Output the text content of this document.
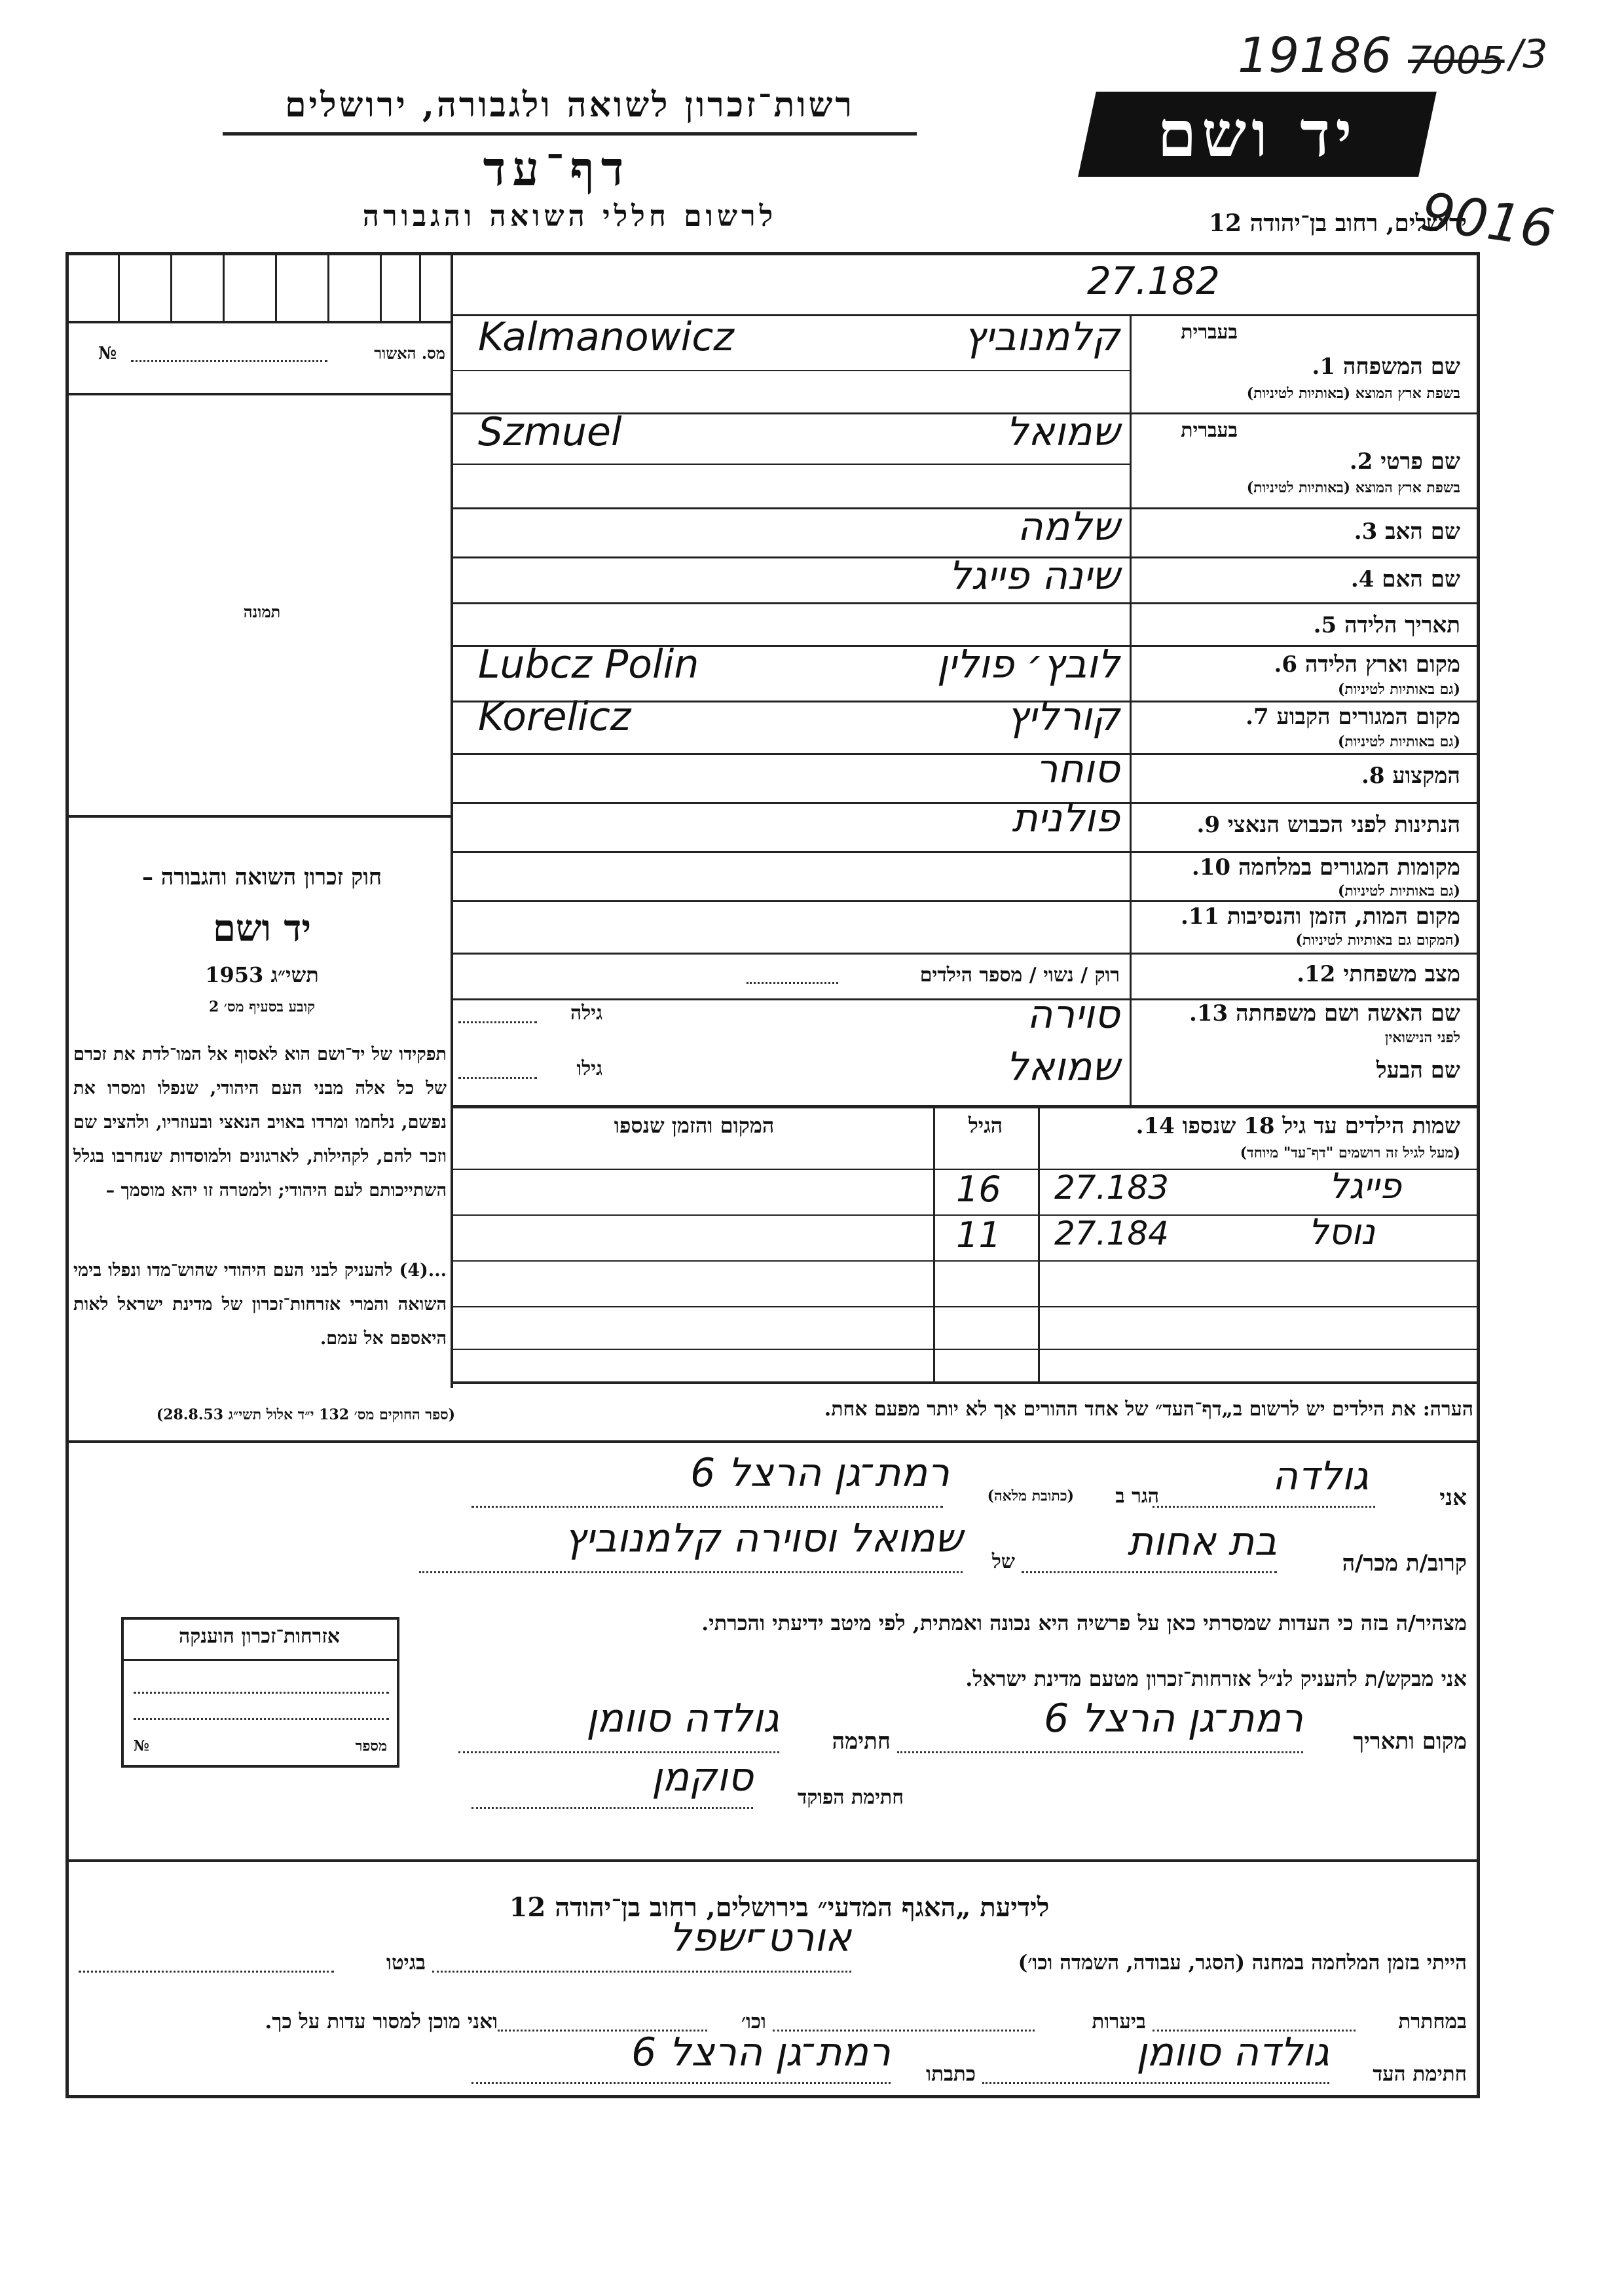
19186 7005 /3
9016
רשות־זכרון לשואה ולגבורה, ירושלים
דף־עד
לרשום חללי השואה והגבורה
יד ושם
ירושלים, רחוב בן־יהודה 12
מס. האשור
№
תמונה
חוק זכרון השואה והגבורה –
יד ושם
תשי״ג 1953
קובע בסעיף מס׳ 2
תפקידו של יד־ושם הוא לאסוף אל המו־לדת את זכרם של כל אלה מבני העם היהודי, שנפלו ומסרו את נפשם, נלחמו ומרדו באויב הנאצי ובעוזריו, ולהציב שם וזכר להם, לקהילות, לארגונים ולמוסדות שנחרבו בגלל השתייכותם לעם היהודי; ולמטרה זו יהא מוסמך –
...(4) להעניק לבני העם היהודי שהוש־מדו ונפלו בימי השואה והמרי אזרחות־זכרון של מדינת ישראל לאות היאספם אל עמם.
(ספר החוקים מס׳ 132 י״ד אלול תשי״ג 28.8.53)
27.182
בעברית
שם המשפחה 1.
בשפת ארץ המוצא (באותיות לטיניות)
קלמנוביץ
Kalmanowicz
בעברית
שם פרטי 2.
בשפת ארץ המוצא (באותיות לטיניות)
שמואל
Szmuel
שם האב 3.
שלמה
שם האם 4.
שינה פייגל
תאריך הלידה 5.
מקום וארץ הלידה 6.
(גם באותיות לטיניות)
לובץ׳ פולין
Lubcz Polin
מקום המגורים הקבוע 7.
(גם באותיות לטיניות)
קורליץ
Korelicz
המקצוע 8.
סוחר
הנתינות לפני הכבוש הנאצי 9.
פולנית
מקומות המגורים במלחמה 10.
(גם באותיות לטיניות)
מקום המות, הזמן והנסיבות 11.
(המקום גם באותיות לטיניות)
מצב משפחתי 12.
רוק / נשוי / מספר הילדים
שם האשה ושם משפחתה 13.
לפני הנישואין
סוירה
גילה
שם הבעל
שמואל
גילו
שמות הילדים עד גיל 18 שנספו 14.
(מעל לגיל זה רושמים "דף־עד" מיוחד)
הגיל
המקום והזמן שנספו
פייגל
27.183
16
נוסל
27.184
11
הערה: את הילדים יש לרשום ב„דף־העד״ של אחד ההורים אך לא יותר מפעם אחת.
אני
גולדה
הגר ב
(כתובת מלאה)
רמת־גן הרצל 6
קרוב/ת מכר/ה
בת אחות
של
שמואל וסוירה קלמנוביץ
מצהיר/ה בזה כי העדות שמסרתי כאן על פרשיה היא נכונה ואמתית, לפי מיטב ידיעתי והכרתי.
אני מבקש/ת להעניק לנ״ל אזרחות־זכרון מטעם מדינת ישראל.
מקום ותאריך
רמת־גן הרצל 6
חתימה
גולדה סוומן
חתימת הפוקד
סוקמן
אזרחות־זכרון הוענקה
מספר
№
לידיעת „האגף המדעי״ בירושלים, רחוב בן־יהודה 12
הייתי בזמן המלחמה במחנה (הסגר, עבודה, השמדה וכו׳)
אורט־ישפל
בגיטו
במחתרת
ביערות
וכו׳
ואני מוכן למסור עדות על כך.
חתימת העד
גולדה סוומן
כתבתו
רמת־גן הרצל 6
